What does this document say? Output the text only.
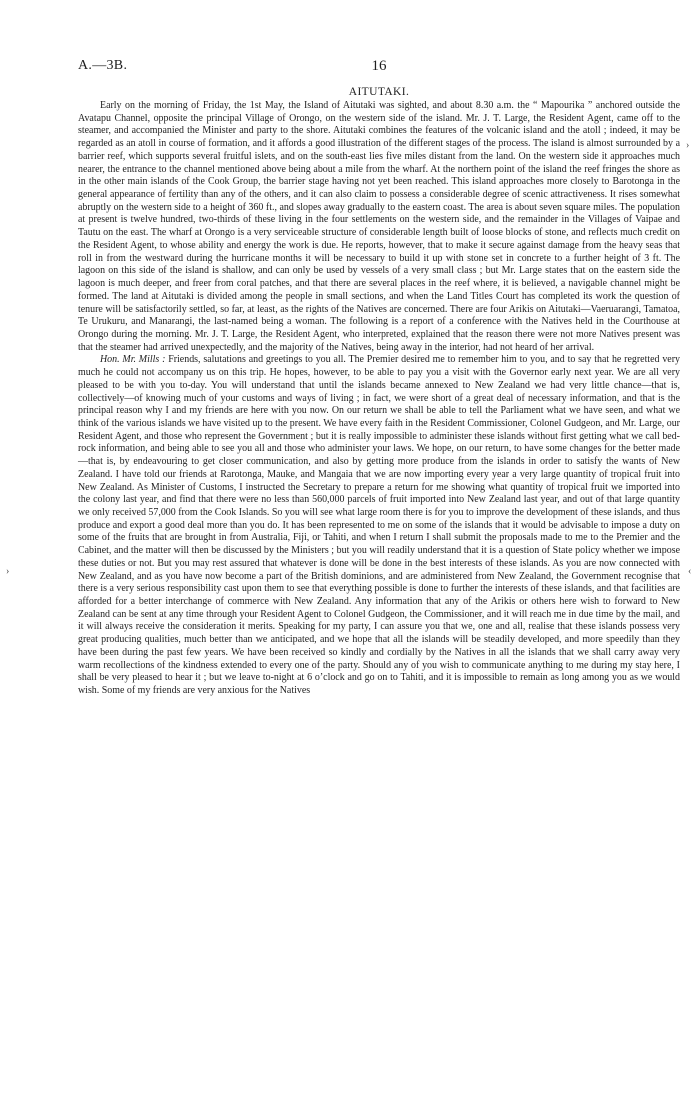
A.—3B.	16
AITUTAKI.

Early on the morning of Friday, the 1st May, the Island of Aitutaki was sighted, and about 8.30 a.m. the “ Mapourika ” anchored outside the Avatapu Channel, opposite the principal Village of Orongo, on the western side of the island. Mr. J. T. Large, the Resident Agent, came off to the steamer, and accompanied the Minister and party to the shore. Aitutaki combines the features of the volcanic island and the atoll ; indeed, it may be regarded as an atoll in course of formation, and it affords a good illustration of the different stages of the process. The island is almost surrounded by a barrier reef, which supports several fruitful islets, and on the south-east lies five miles distant from the land. On the western side it approaches much nearer, the entrance to the channel mentioned above being about a mile from the wharf. At the northern point of the island the reef fringes the shore as in the other main islands of the Cook Group, the barrier stage having not yet been reached. This island approaches more closely to Barotonga in the general appearance of fertility than any of the others, and it can also claim to possess a considerable degree of scenic attractiveness. It rises somewhat abruptly on the western side to a height of 360 ft., and slopes away gradually to the eastern coast. The area is about seven square miles. The population at present is twelve hundred, two-thirds of these living in the four settlements on the western side, and the remainder in the Villages of Vaipae and Tautu on the east. The wharf at Orongo is a very serviceable structure of considerable length built of loose blocks of stone, and reflects much credit on the Resident Agent, to whose ability and energy the work is due. He reports, however, that to make it secure against damage from the heavy seas that roll in from the westward during the hurricane months it will be necessary to build it up with stone set in concrete to a further height of 3 ft. The lagoon on this side of the island is shallow, and can only be used by vessels of a very small class ; but Mr. Large states that on the eastern side the lagoon is much deeper, and freer from coral patches, and that there are several places in the reef where, it is believed, a navigable channel might be formed. The land at Aitutaki is divided among the people in small sections, and when the Land Titles Court has completed its work the question of tenure will be satisfactorily settled, so far, at least, as the rights of the Natives are concerned. There are four Arikis on Aitutaki—Vaeruarangi, Tamatoa, Te Urukuru, and Manarangi, the last-named being a woman. The following is a report of a conference with the Natives held in the Courthouse at Orongo during the morning. Mr. J. T. Large, the Resident Agent, who interpreted, explained that the reason there were not more Natives present was that the steamer had arrived unexpectedly, and the majority of the Natives, being away in the interior, had not heard of her arrival.

Hon. Mr. Mills : Friends, salutations and greetings to you all. The Premier desired me to remember him to you, and to say that he regretted very much he could not accompany us on this trip. He hopes, however, to be able to pay you a visit with the Governor early next year. We are all very pleased to be with you to-day. You will understand that until the islands became annexed to New Zealand we had very little chance—that is, collectively—of knowing much of your customs and ways of living ; in fact, we were short of a great deal of necessary information, and that is the principal reason why I and my friends are here with you now. On our return we shall be able to tell the Parliament what we have seen, and what we think of the various islands we have visited up to the present. We have every faith in the Resident Commissioner, Colonel Gudgeon, and Mr. Large, our Resident Agent, and those who represent the Government ; but it is really impossible to administer these islands without first getting what we call bed-rock information, and being able to see you all and those who administer your laws. We hope, on our return, to have some changes for the better made—that is, by endeavouring to get closer communication, and also by getting more produce from the islands in order to satisfy the wants of New Zealand. I have told our friends at Rarotonga, Mauke, and Mangaia that we are now importing every year a very large quantity of tropical fruit into New Zealand. As Minister of Customs, I instructed the Secretary to prepare a return for me showing what quantity of tropical fruit we imported into the colony last year, and find that there were no less than 560,000 parcels of fruit imported into New Zealand last year, and out of that large quantity we only received 57,000 from the Cook Islands. So you will see what large room there is for you to improve the development of these islands, and thus produce and export a good deal more than you do. It has been represented to me on some of the islands that it would be advisable to impose a duty on some of the fruits that are brought in from Australia, Fiji, or Tahiti, and when I return I shall submit the proposals made to me to the Premier and the Cabinet, and the matter will then be discussed by the Ministers ; but you will readily understand that it is a question of State policy whether we impose these duties or not. But you may rest assured that whatever is done will be done in the best interests of these islands. As you are now connected with New Zealand, and as you have now become a part of the British dominions, and are administered from New Zealand, the Government recognise that there is a very serious responsibility cast upon them to see that everything possible is done to further the interests of these islands, and that facilities are afforded for a better interchange of commerce with New Zealand. Any information that any of the Arikis or others here wish to forward to New Zealand can be sent at any time through your Resident Agent to Colonel Gudgeon, the Commissioner, and it will reach me in due time by the mail, and it will always receive the consideration it merits. Speaking for my party, I can assure you that we, one and all, realise that these islands possess very great producing qualities, much better than we anticipated, and we hope that all the islands will be steadily developed, and more speedily than they have been during the past few years. We have been received so kindly and cordially by the Natives in all the islands that we shall carry away very warm recollections of the kindness extended to every one of the party. Should any of you wish to communicate anything to me during my stay here, I shall be very pleased to hear it ; but we leave to-night at 6 o’clock and go on to Tahiti, and it is impossible to remain as long among you as we would wish. Some of my friends are very anxious for the Natives

›
›	‹
